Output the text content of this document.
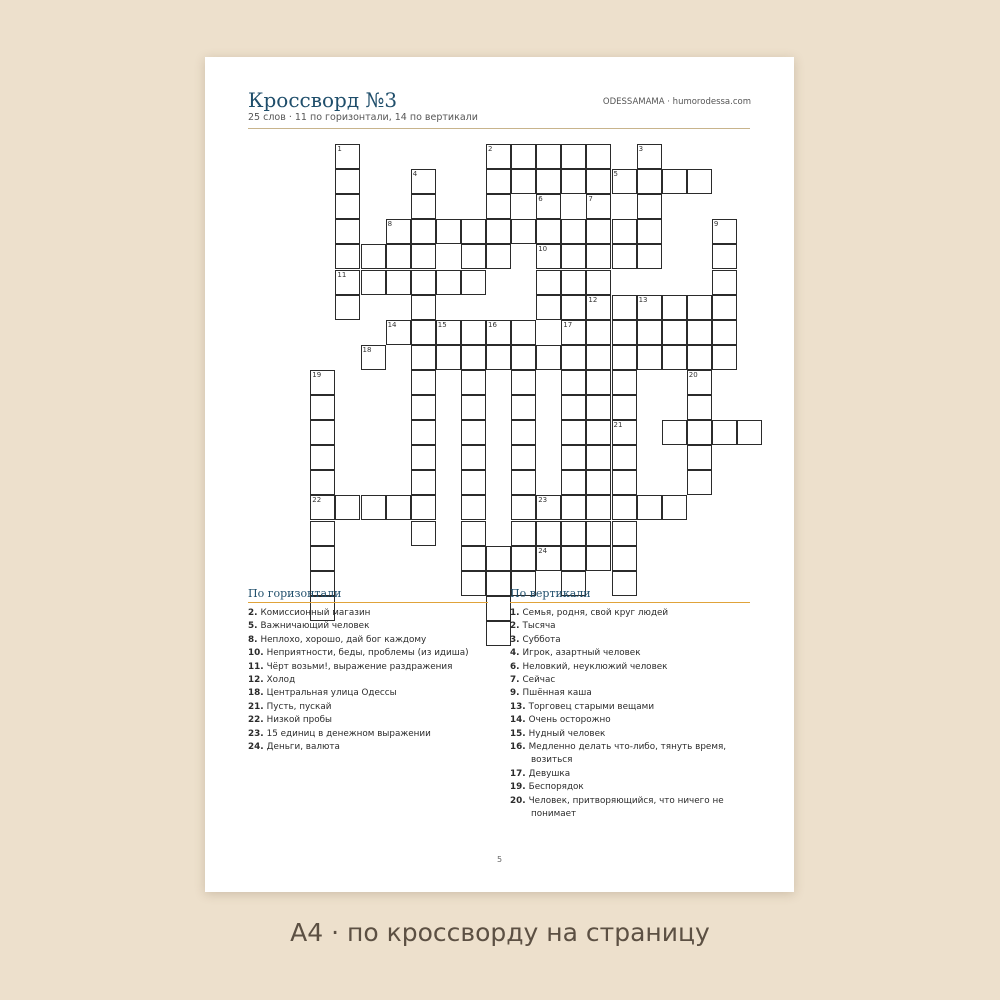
Кроссворд №3
25 слов · 11 по горизонтали, 14 по вертикали
ODESSAMAMA · humorodessa.com
1
11
2	3
4	5
6
10
7
12
8	9
13
17
21
19
22
20
23
24
14	15	16
18
По горизонтали
2. Комиссионный магазин
5. Важничающий человек
8. Неплохо, хорошо, дай бог каждому
10. Неприятности, беды, проблемы (из идиша)
11. Чёрт возьми!, выражение раздражения
12. Холод
18. Центральная улица Одессы
21. Пусть, пускай
22. Низкой пробы
23. 15 единиц в денежном выражении
24. Деньги, валюта
По вертикали
1. Семья, родня, свой круг людей
2. Тысяча
3. Суббота
4. Игрок, азартный человек
6. Неловкий, неуклюжий человек
7. Сейчас
9. Пшённая каша
13. Торговец старыми вещами
14. Очень осторожно
15. Нудный человек
16. Медленно делать что-либо, тянуть время, возиться
17. Девушка
19. Беспорядок
20. Человек, притворяющийся, что ничего не понимает
5
А4 · по кроссворду на страницу
